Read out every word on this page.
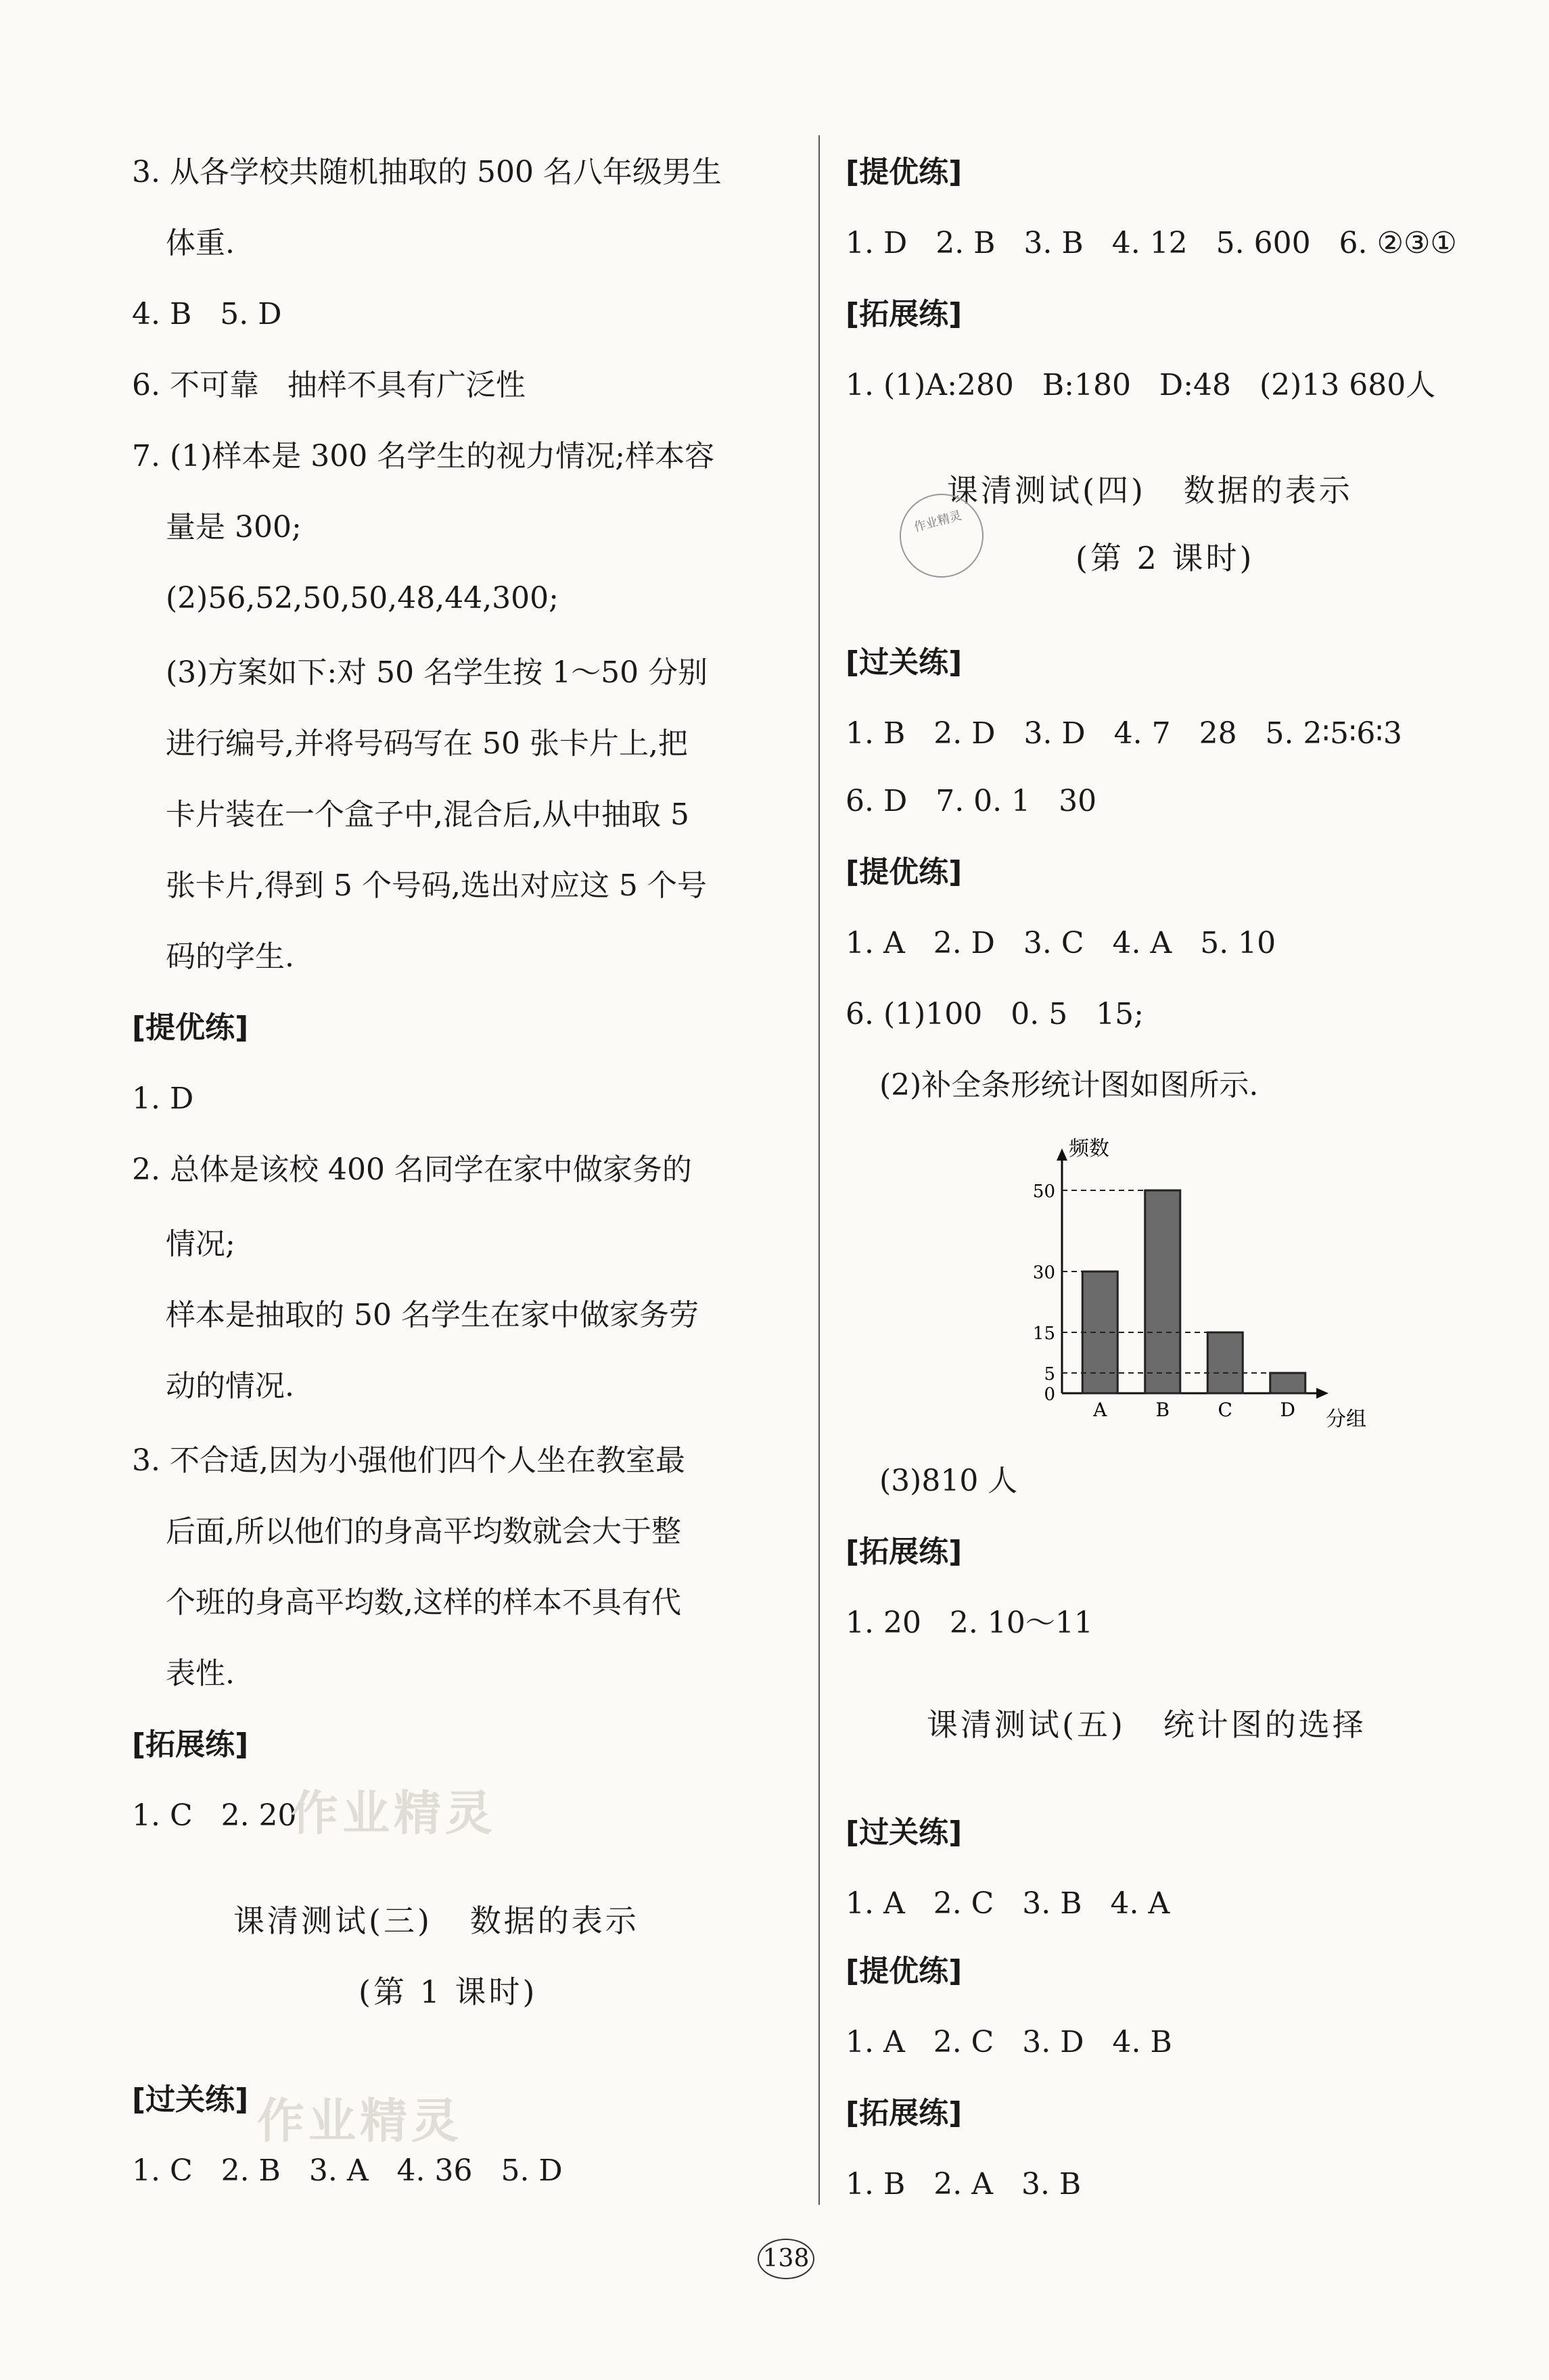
3. 从各学校共随机抽取的 500 名八年级男生
体重.
4. B   5. D
6. 不可靠   抽样不具有广泛性
7. (1)样本是 300 名学生的视力情况;样本容
量是 300;
(2)56,52,50,50,48,44,300;
(3)方案如下:对 50 名学生按 1～50 分别
进行编号,并将号码写在 50 张卡片上,把
卡片装在一个盒子中,混合后,从中抽取 5
张卡片,得到 5 个号码,选出对应这 5 个号
码的学生.
[提优练]
1. D
2. 总体是该校 400 名同学在家中做家务的
情况;
样本是抽取的 50 名学生在家中做家务劳
动的情况.
3. 不合适,因为小强他们四个人坐在教室最
后面,所以他们的身高平均数就会大于整
个班的身高平均数,这样的样本不具有代
表性.
[拓展练]
1. C   2. 20
课清测试(三)   数据的表示
(第 1 课时)
[过关练]
1. C   2. B   3. A   4. 36   5. D
[提优练]
1. D   2. B   3. B   4. 12   5. 600   6. ②③①
[拓展练]
1. (1)A:280   B:180   D:48   (2)13 680人
课清测试(四)   数据的表示
(第 2 课时)
[过关练]
1. B   2. D   3. D   4. 7   28   5. 2∶5∶6∶3
6. D   7. 0. 1   30
[提优练]
1. A   2. D   3. C   4. A   5. 10
6. (1)100   0. 5   15;
(2)补全条形统计图如图所示.
频数
分组
A	B	C	D
0
5
15
30
50
(3)810 人
[拓展练]
1. 20   2. 10～11
课清测试(五)   统计图的选择
[过关练]
1. A   2. C   3. B   4. A
[提优练]
1. A   2. C   3. D   4. B
[拓展练]
1. B   2. A   3. B

作业精灵
作业精灵
作业精灵
138
